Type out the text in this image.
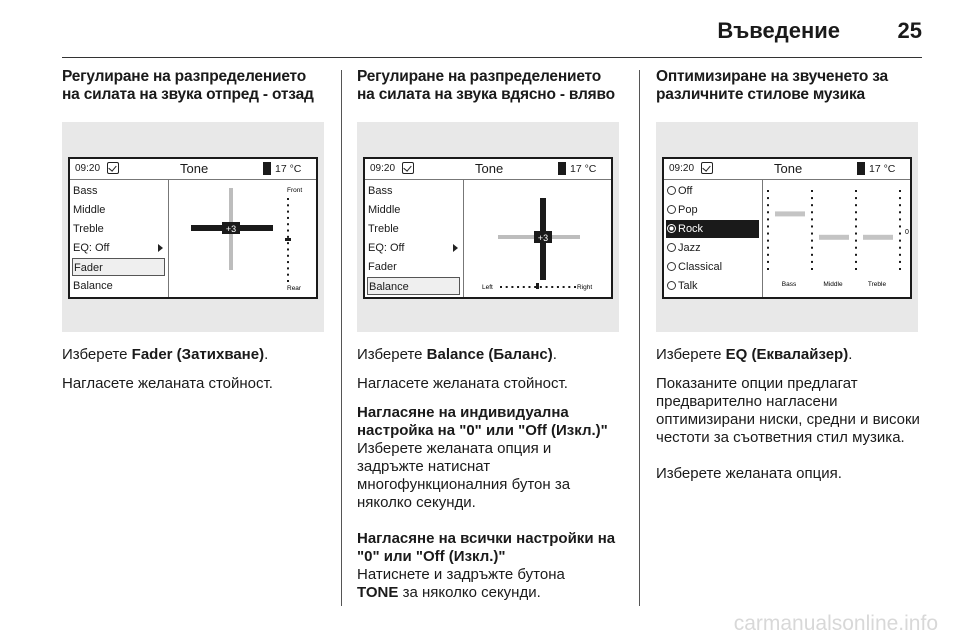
Въведение	25
Регулиране на разпределението на силата на звука отпред - отзад
09:20	Tone	17 °C
Bass
Middle
Treble
EQ: Off
Fader
Balance
+3
Front
Rear
Изберете Fader (Затихване).
Нагласете желаната стойност.
Регулиране на разпределението на силата на звука вдясно - вляво
09:20	Tone	17 °C
Bass
Middle
Treble
EQ: Off
Fader
Balance
+3
Left	Right
Изберете Balance (Баланс).
Нагласете желаната стойност.
Нагласяне на индивидуална настройка на "0" или "Off (Изкл.)"
Изберете желаната опция и задръжте натиснат многофункционалния бутон за няколко секунди.
Нагласяне на всички настройки на "0" или "Off (Изкл.)"
Натиснете и задръжте бутона TONE за няколко секунди.
Оптимизиране на звученето за различните стилове музика
09:20	Tone	17 °C
Off
Pop
Rock
Jazz
Classical
Talk	Bass	Middle	Treble
0
Изберете EQ (Еквалайзер).
Показаните опции предлагат предварително нагласени оптимизирани ниски, средни и високи честоти за съответния стил музика.
Изберете желаната опция.
carmanualsonline.info
